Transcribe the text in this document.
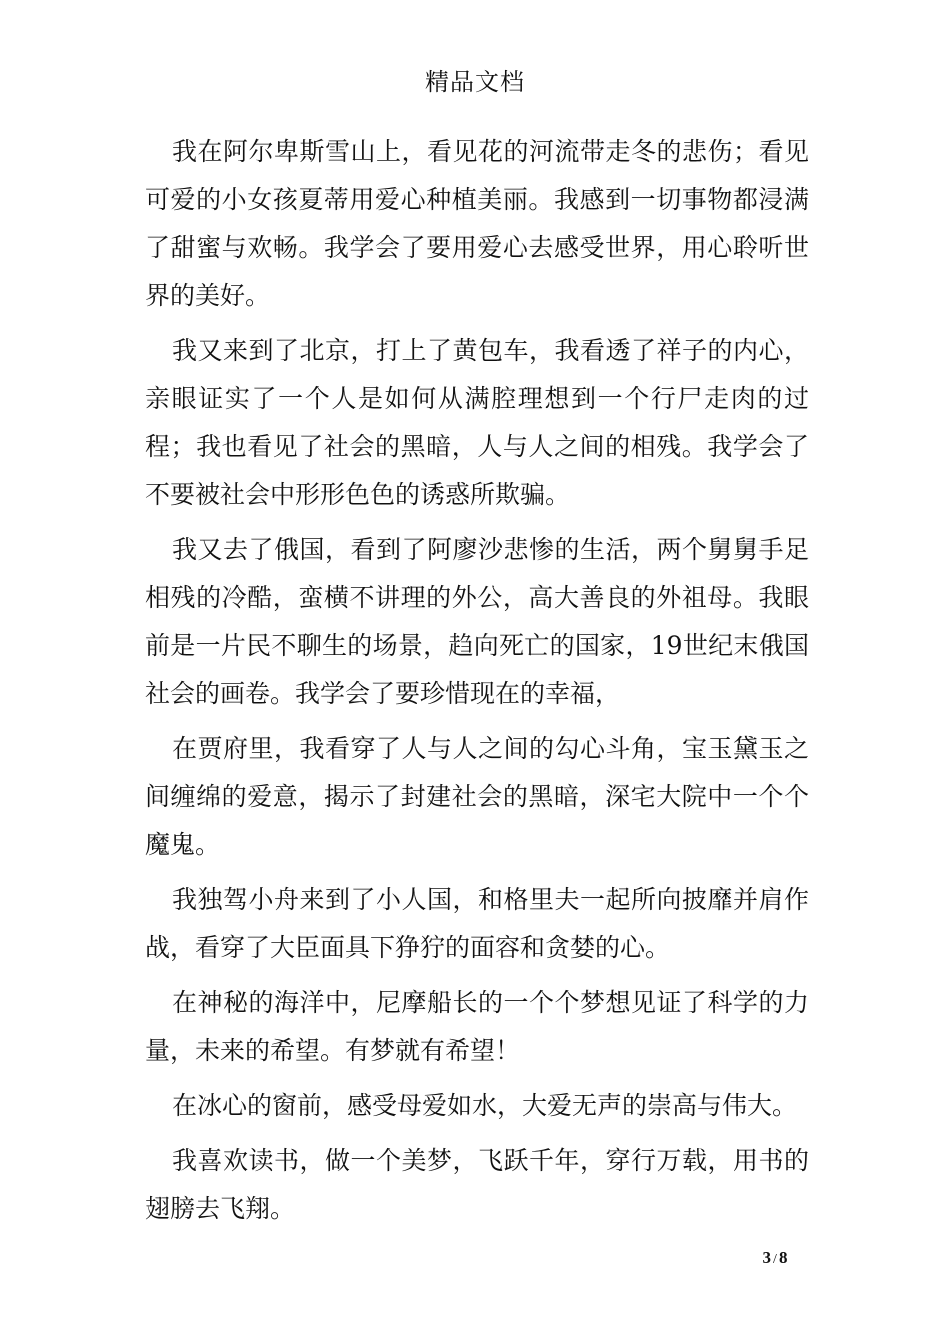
精品文档

我在阿尔卑斯雪山上，看见花的河流带走冬的悲伤；看见可爱的小女孩夏蒂用爱心种植美丽。我感到一切事物都浸满了甜蜜与欢畅。我学会了要用爱心去感受世界，用心聆听世界的美好。

我又来到了北京，打上了黄包车，我看透了祥子的内心，亲眼证实了一个人是如何从满腔理想到一个行尸走肉的过程；我也看见了社会的黑暗，人与人之间的相残。我学会了不要被社会中形形色色的诱惑所欺骗。

我又去了俄国，看到了阿廖沙悲惨的生活，两个舅舅手足相残的冷酷，蛮横不讲理的外公，高大善良的外祖母。我眼前是一片民不聊生的场景，趋向死亡的国家，19世纪末俄国社会的画卷。我学会了要珍惜现在的幸福，

在贾府里，我看穿了人与人之间的勾心斗角，宝玉黛玉之间缠绵的爱意，揭示了封建社会的黑暗，深宅大院中一个个魔鬼。

我独驾小舟来到了小人国，和格里夫一起所向披靡并肩作战，看穿了大臣面具下狰狞的面容和贪婪的心。

在神秘的海洋中，尼摩船长的一个个梦想见证了科学的力量，未来的希望。有梦就有希望！

在冰心的窗前，感受母爱如水，大爱无声的崇高与伟大。

我喜欢读书，做一个美梦，飞跃千年，穿行万载，用书的翅膀去飞翔。

3 / 8
